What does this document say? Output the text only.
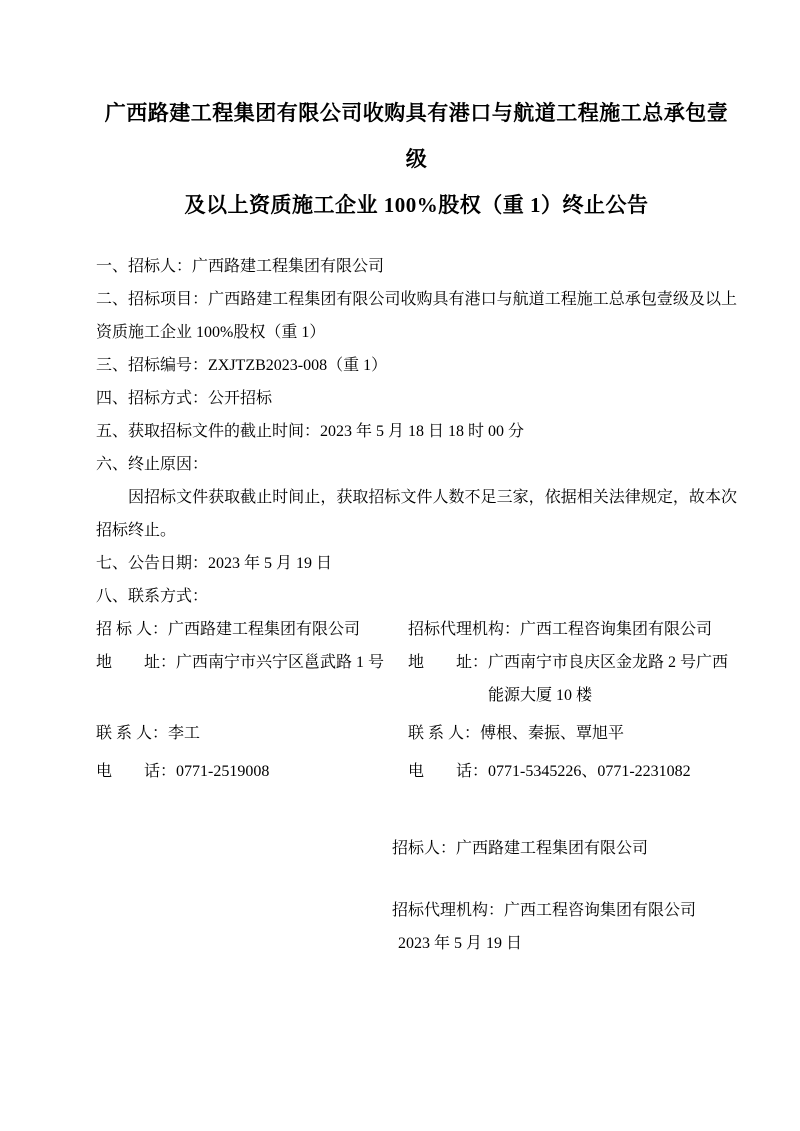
广西路建工程集团有限公司收购具有港口与航道工程施工总承包壹级
及以上资质施工企业 100%股权（重 1）终止公告

一、招标人：广西路建工程集团有限公司

二、招标项目：广西路建工程集团有限公司收购具有港口与航道工程施工总承包壹级及以上资质施工企业 100%股权（重 1）

三、招标编号：ZXJTZB2023-008（重 1）

四、招标方式：公开招标

五、获取招标文件的截止时间：2023 年 5 月 18 日 18 时 00 分

六、终止原因：

因招标文件获取截止时间止，获取招标文件人数不足三家，依据相关法律规定，故本次招标终止。

七、公告日期：2023 年 5 月 19 日

八、联系方式：

招 标 人： 广西路建工程集团有限公司	招标代理机构： 广西工程咨询集团有限公司
地　　址： 广西南宁市兴宁区邕武路 1 号	地　　址： 广西南宁市良庆区金龙路 2 号广西能源大厦 10 楼
联 系 人： 李工	联 系 人： 傅根、秦振、覃旭平
电　　话： 0771-2519008	电　　话： 0771-5345226、0771-2231082

招标人：广西路建工程集团有限公司

招标代理机构：广西工程咨询集团有限公司

2023 年 5 月 19 日
